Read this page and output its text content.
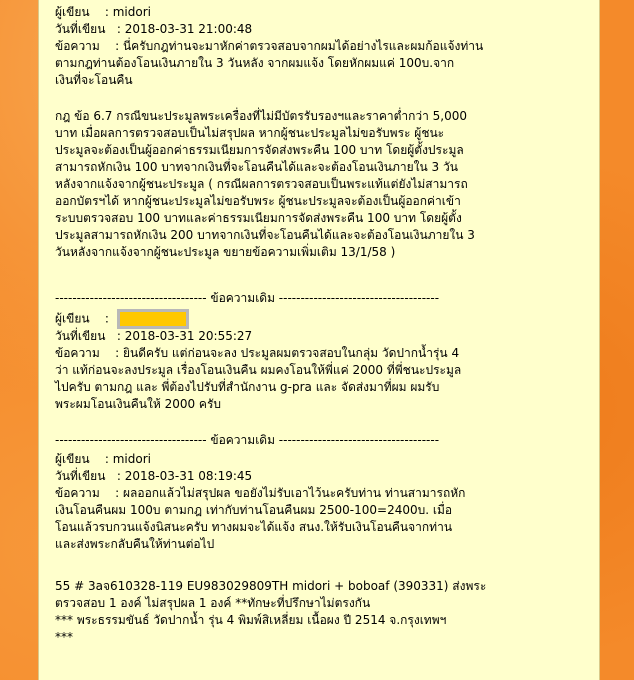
ผู้เขียน    : midori
วันที่เขียน   : 2018-03-31 21:00:48
ข้อความ : นี่ครับกฎท่านจะมาหักค่าตรวจสอบจากผมได้อย่างไรและผมก้อแจ้งท่าน
ตามกฎท่านต้องโอนเงินภายใน 3 วันหลัง จากผมแจ้ง โดยหักผมแค่ 100บ.จาก
เงินที่จะโอนคืน
กฎ ข้อ 6.7 กรณีขนะประมูลพระเครื่องที่ไม่มีบัตรรับรองฯและราคาต่ำกว่า 5,000
บาท เมื่อผลการตรวจสอบเป็นไม่สรุปผล หากผู้ชนะประมูลไม่ขอรับพระ ผู้ชนะ
ประมูลจะต้องเป็นผู้ออกค่าธรรมเนียมการจัดส่งพระคืน 100 บาท โดยผู้ตั้งประมูล
สามารถหักเงิน 100 บาทจากเงินที่จะโอนคืนได้และจะต้องโอนเงินภายใน 3 วัน
หลังจากแจ้งจากผู้ชนะประมูล ( กรณีผลการตรวจสอบเป็นพระแท้แต่ยังไม่สามารถ
ออกบัตรฯได้ หากผู้ชนะประมูลไม่ขอรับพระ ผู้ชนะประมูลจะต้องเป็นผู้ออกค่าเข้า
ระบบตรวจสอบ 100 บาทและค่าธรรมเนียมการจัดส่งพระคืน 100 บาท โดยผู้ตั้ง
ประมูลสามารถหักเงิน 200 บาทจากเงินที่จะโอนคืนได้และจะต้องโอนเงินภายใน 3
วันหลังจากแจ้งจากผู้ชนะประมูล ขยายข้อความเพิ่มเติม 13/1/58 )
----------------------------------- ข้อความเดิม -------------------------------------
ผู้เขียน    :
วันที่เขียน   : 2018-03-31 20:55:27
ข้อความ : ยินดีครับ แต่ก่อนจะลง ประมูลผมตรวจสอบในกลุ่ม วัดปากน้ำรุ่น 4
ว่า แท้ก่อนจะลงประมูล เรื่องโอนเงินคืน ผมคงโอนให้พี่แค่ 2000 ที่พี่ชนะประมูล
ไปครับ ตามกฎ และ พี่ต้องไปรับที่สำนักงาน g-pra และ จัดส่งมาที่ผม ผมรับ
พระผมโอนเงินคืนให้ 2000 ครับ
----------------------------------- ข้อความเดิม -------------------------------------
ผู้เขียน    : midori
วันที่เขียน   : 2018-03-31 08:19:45
ข้อความ : ผลออกแล้วไม่สรุปผล ขอยังไม่รับเอาไว้นะครับท่าน ท่านสามารถหัก
เงินโอนคืนผม 100บ ตามกฎ เท่ากับท่านโอนคืนผม 2500-100=2400บ. เมื่อ
โอนแล้วรบกวนแจ้งนิสนะครับ ทางผมจะได้แจ้ง สนง.ให้รับเงินโอนคืนจากท่าน
และส่งพระกลับคืนให้ท่านต่อไป
55 # 3aจ610328-119 EU983029809TH midori + boboaf (390331) ส่งพระ
ตรวจสอบ 1 องค์ ไม่สรุปผล 1 องค์ **ทักษะที่ปรึกษาไม่ตรงกัน
*** พระธรรมขันธ์ วัดปากน้ำ รุ่น 4 พิมพ์สิเหลี่ยม เนื้อผง ปี 2514 จ.กรุงเทพฯ
***
